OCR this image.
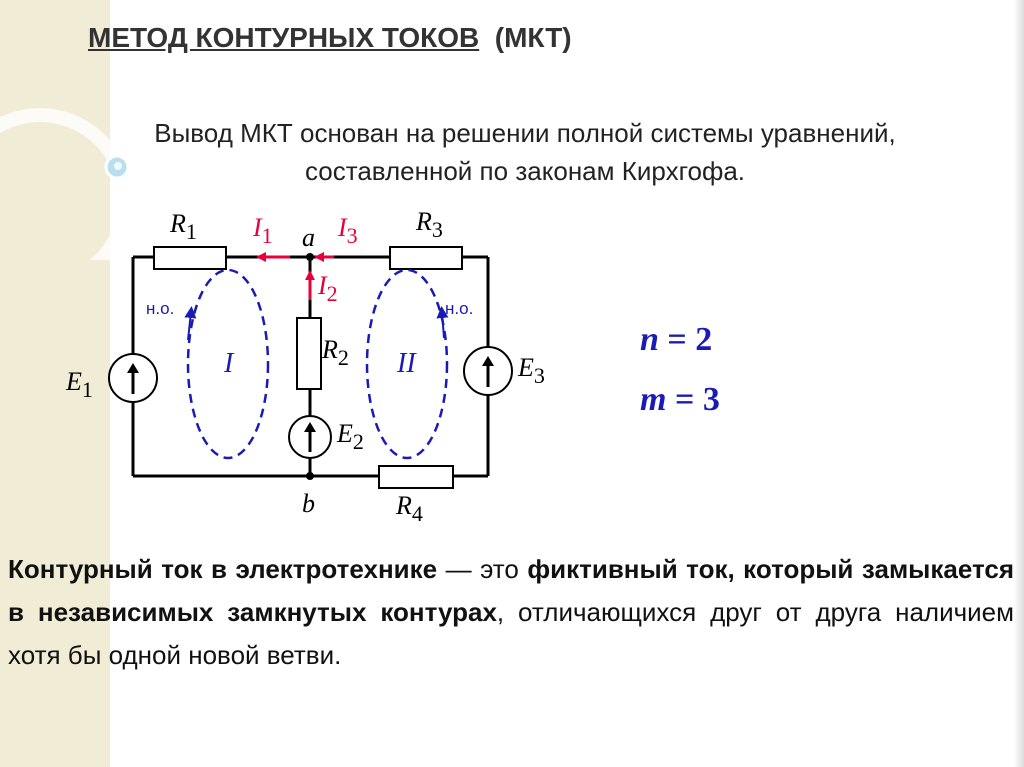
МЕТОД КОНТУРНЫХ ТОКОВ (МКТ)

Вывод МКТ основан на решении полной системы уравнений,
составленной по законам Кирхгофа.

$R_1$	$R_3$
$R_2$
$R_4$
$E_1$
$E_2$
$E_3$
a
b
$I_1$	$I_3$
$I_2$
I	II
н.о.	н.о.
n = 2
m = 3

Контурный ток в электротехнике — это фиктивный ток, который замыкается в независимых замкнутых контурах, отличающихся друг от друга наличием хотя бы одной новой ветви.
